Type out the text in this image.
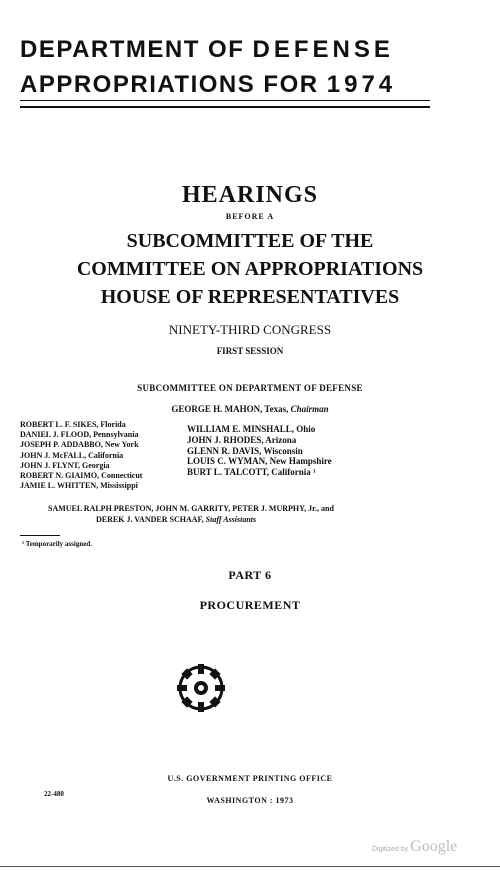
DEPARTMENT OF DEFENSE
APPROPRIATIONS FOR 1974
HEARINGS
BEFORE A
SUBCOMMITTEE OF THE
COMMITTEE ON APPROPRIATIONS
HOUSE OF REPRESENTATIVES
NINETY-THIRD CONGRESS
FIRST SESSION
SUBCOMMITTEE ON DEPARTMENT OF DEFENSE
GEORGE H. MAHON, Texas, Chairman
ROBERT L. F. SIKES, Florida
DANIEL J. FLOOD, Pennsylvania
JOSEPH P. ADDABBO, New York
JOHN J. McFALL, California
JOHN J. FLYNT, Georgia
ROBERT N. GIAIMO, Connecticut
JAMIE L. WHITTEN, Mississippi
WILLIAM E. MINSHALL, Ohio
JOHN J. RHODES, Arizona
GLENN R. DAVIS, Wisconsin
LOUIS C. WYMAN, New Hampshire
BURT L. TALCOTT, California ¹
SAMUEL RALPH PRESTON, JOHN M. GARRITY, PETER J. MURPHY, Jr., and
DEREK J. VANDER SCHAAF, Staff Assistants
¹ Temporarily assigned.
PART 6
PROCUREMENT
U.S. GOVERNMENT PRINTING OFFICE
22-480
WASHINGTON : 1973
Digitized by Google
